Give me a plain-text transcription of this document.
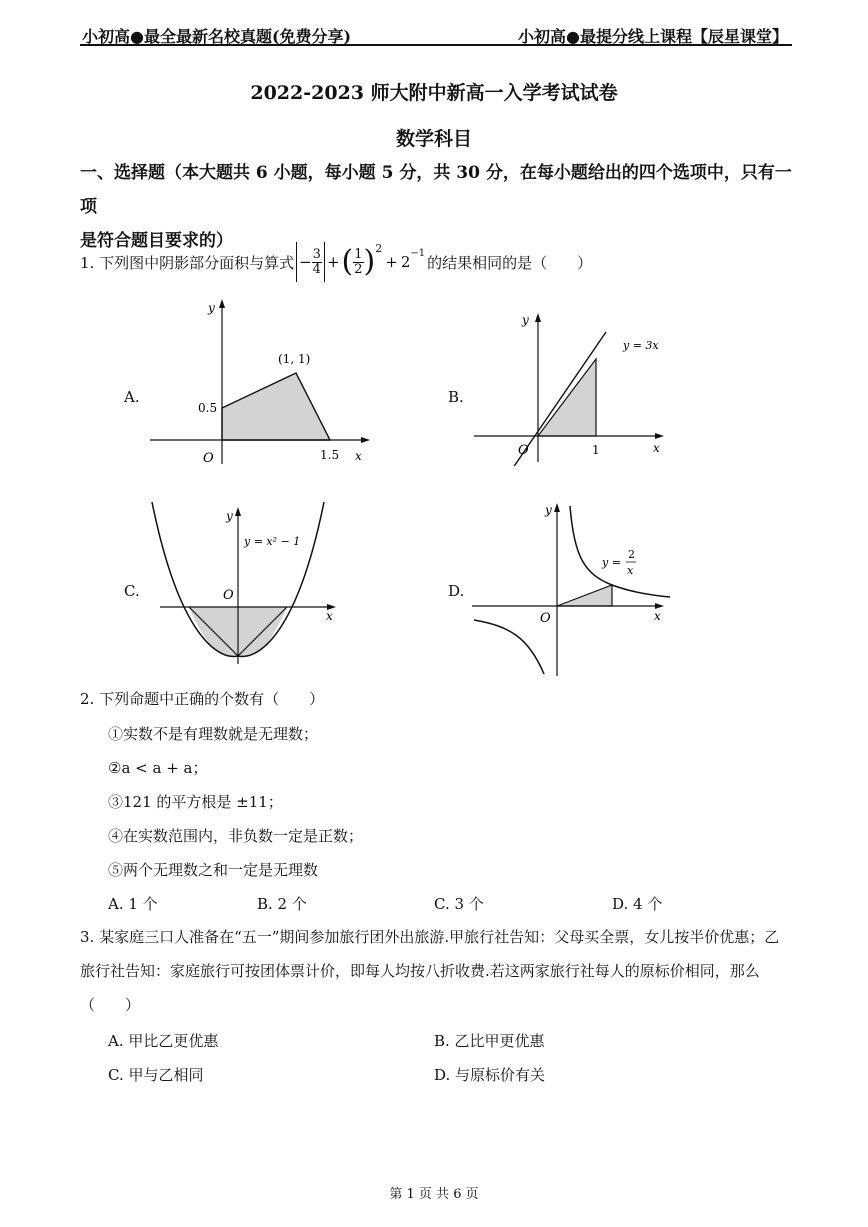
小初高●最全最新名校真题(免费分享)	小初高●最提分线上课程【辰星课堂】
2022-2023 师大附中新高一入学考试试卷
数学科目
一、选择题（本大题共 6 小题，每小题 5 分，共 30 分，在每小题给出的四个选项中，只有一项
是符合题目要求的）
1. 下列图中阴影部分面积与算式 − $\frac{3}{4}$ + ( $\frac{1}{2} )^2$
+ $2^{-1}$ 的结果相同的是（　　）
A.
y
x
O
(1, 1)
0.5
1.5
B.
y
x
O	1
y = 3x
C.
y
x
O
y = x² − 1
D.
y
x
O
y =
2
x
2. 下列命题中正确的个数有（　　）
①实数不是有理数就是无理数；
②a < a + a；
③121 的平方根是 ±11；
④在实数范围内，非负数一定是正数；
⑤两个无理数之和一定是无理数
A. 1 个	B. 2 个	C. 3 个	D. 4 个
3. 某家庭三口人准备在“五一”期间参加旅行团外出旅游.甲旅行社告知：父母买全票，女儿按半价优惠；乙
旅行社告知：家庭旅行可按团体票计价，即每人均按八折收费.若这两家旅行社每人的原标价相同，那么
（　　）
A. 甲比乙更优惠	B. 乙比甲更优惠
C. 甲与乙相同	D. 与原标价有关
第 1 页 共 6 页
